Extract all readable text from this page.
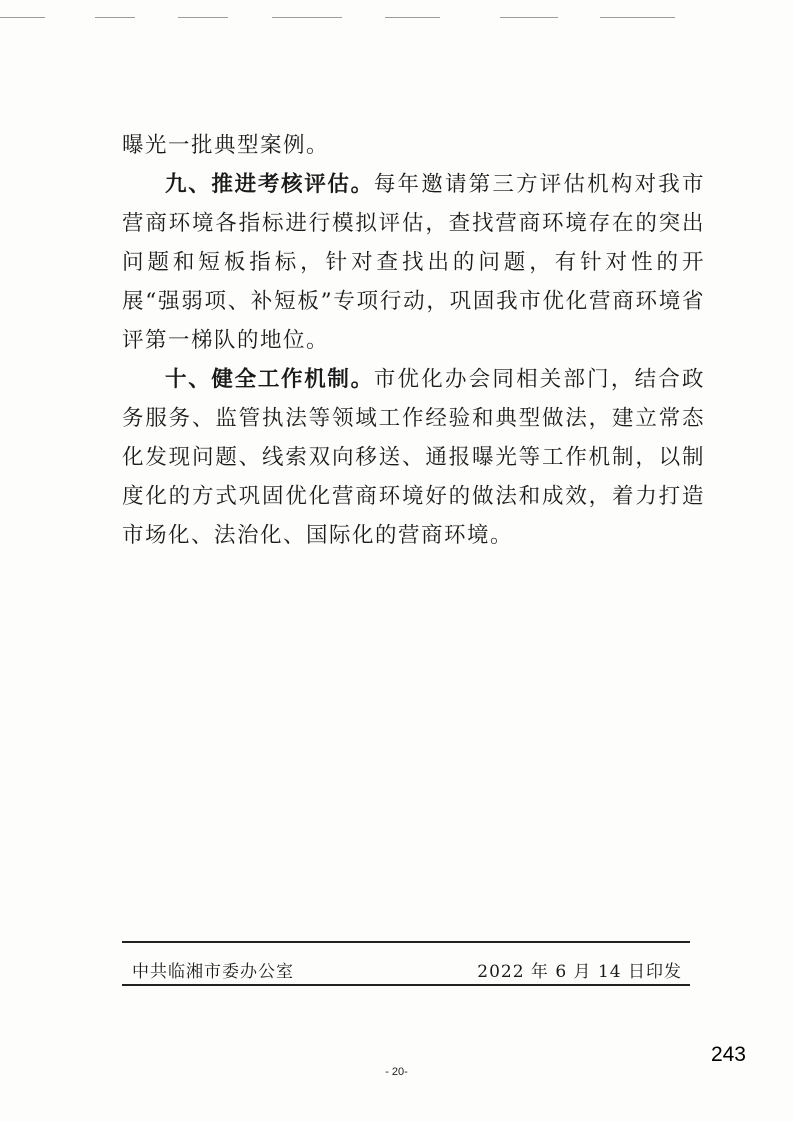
曝光一批典型案例。

九、推进考核评估。每年邀请第三方评估机构对我市营商环境各指标进行模拟评估，查找营商环境存在的突出问题和短板指标，针对查找出的问题，有针对性的开展“强弱项、补短板”专项行动，巩固我市优化营商环境省评第一梯队的地位。

十、健全工作机制。市优化办会同相关部门，结合政务服务、监管执法等领域工作经验和典型做法，建立常态化发现问题、线索双向移送、通报曝光等工作机制，以制度化的方式巩固优化营商环境好的做法和成效，着力打造市场化、法治化、国际化的营商环境。

中共临湘市委办公室	2022 年 6 月 14 日印发
243
- 20-
